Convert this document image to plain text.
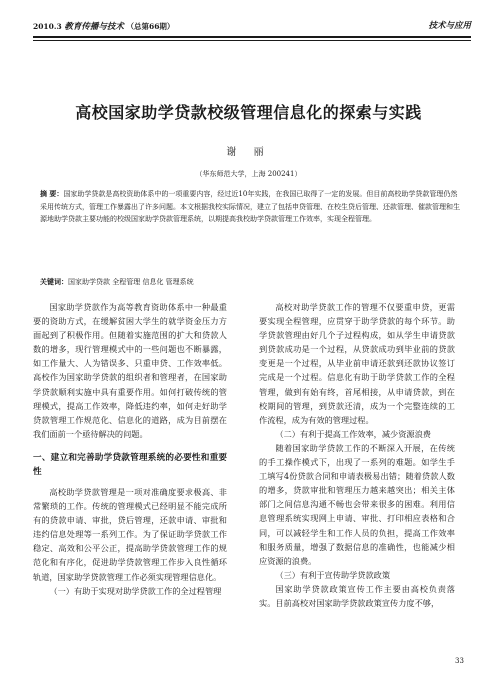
2010.3 教育传播与技术 （总第66期）	技术与应用
高校国家助学贷款校级管理信息化的探索与实践
谢 丽
（华东师范大学，上海 200241）
摘 要：国家助学贷款是高校资助体系中的一项重要内容，经过近10年实践，在我国已取得了一定的发展。但目前高校助学贷款管理仍然采用传统方式，管理工作暴露出了许多问题。本文根据我校实际情况，建立了包括申贷管理、在校生贷后管理、还款管理、催款管理和生源地助学贷款主要功能的校级国家助学贷款管理系统，以期提高我校助学贷款管理工作效率，实现全程管理。
关键词：国家助学贷款 全程管理 信息化 管理系统

国家助学贷款作为高等教育资助体系中一种最重要的资助方式，在缓解贫困大学生的就学资金压力方面起到了积极作用。但随着实施范围的扩大和贷款人数的增多，现行管理模式中的一些问题也不断暴露，如工作量大、人为错误多、只重申贷、工作效率低。高校作为国家助学贷款的组织者和管理者，在国家助学贷款顺利实施中具有重要作用。如何打破传统的管理模式，提高工作效率，降低违约率，如何走好助学贷款管理工作规范化、信息化的道路，成为目前摆在我们面前一个亟待解决的问题。

一、建立和完善助学贷款管理系统的必要性和重要性

高校助学贷款管理是一项对准确度要求极高、非常繁琐的工作。传统的管理模式已经明显不能完成所有的贷款申请、审批，贷后管理，还款申请、审批和违约信息处理等一系列工作。为了保证助学贷款工作稳定、高效和公平公正，提高助学贷款管理工作的规范化和有序化，促进助学贷款管理工作步入良性循环轨道，国家助学贷款管理工作必须实现管理信息化。

（一）有助于实现对助学贷款工作的全过程管理

高校对助学贷款工作的管理不仅要重申贷，更需要实现全程管理，应贯穿于助学贷款的每个环节。助学贷款管理由好几个子过程构成，如从学生申请贷款到贷款成功是一个过程，从贷款成功到毕业前的贷款变更是一个过程，从毕业前申请还款到还款协议签订完成是一个过程。信息化有助于助学贷款工作的全程管理，做到有始有终，首尾相接，从申请贷款，到在校期间的管理，到贷款还清，成为一个完整连续的工作流程，成为有效的管理过程。

（二）有利于提高工作效率，减少资源浪费

随着国家助学贷款工作的不断深入开展，在传统的手工操作模式下，出现了一系列的难题。如学生手工填写4份贷款合同和申请表极易出错；随着贷款人数的增多，贷款审批和管理压力越来越突出；相关主体部门之间信息沟通不畅也会带来很多的困难。利用信息管理系统实现网上申请、审批、打印相应表格和合同，可以减轻学生和工作人员的负担，提高工作效率和服务质量，增强了数据信息的准确性，也能减少相应资源的浪费。

（三）有利于宣传助学贷款政策

国家助学贷款政策宣传工作主要由高校负责落实。目前高校对国家助学贷款政策宣传力度不够，

33
